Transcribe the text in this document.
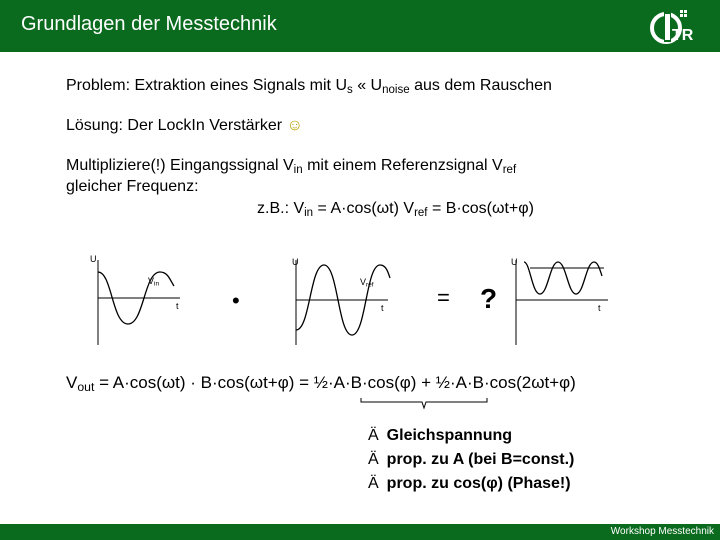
Grundlagen der Messtechnik
TR
Problem: Extraktion eines Signals mit $U_s$ « $U_{noise}$ aus dem Rauschen
Lösung: Der LockIn Verstärker ☺
Multipliziere(!) Eingangssignal $V_{in}$ mit einem Referenzsignal $V_{ref}$
gleicher Frequenz:
z.B.: $V_{in} = A\cdot\cos(\omega t) V_{ref} = B\cdot\cos(\omega t+\varphi)$
U
t
$V_{in}$
•
U
t
$V_{ref}$	= ?
U
t
$V_{out} = A\cdot\cos(\omega t) \cdot B\cdot\cos(\omega t+\varphi)$ = ½·A·B·cos(φ) + ½·A·B·cos(2ωt+φ)
Ä Gleichspannung
Ä prop. zu A (bei B=const.)
Ä prop. zu cos(φ) (Phase!)
Workshop Messtechnik
